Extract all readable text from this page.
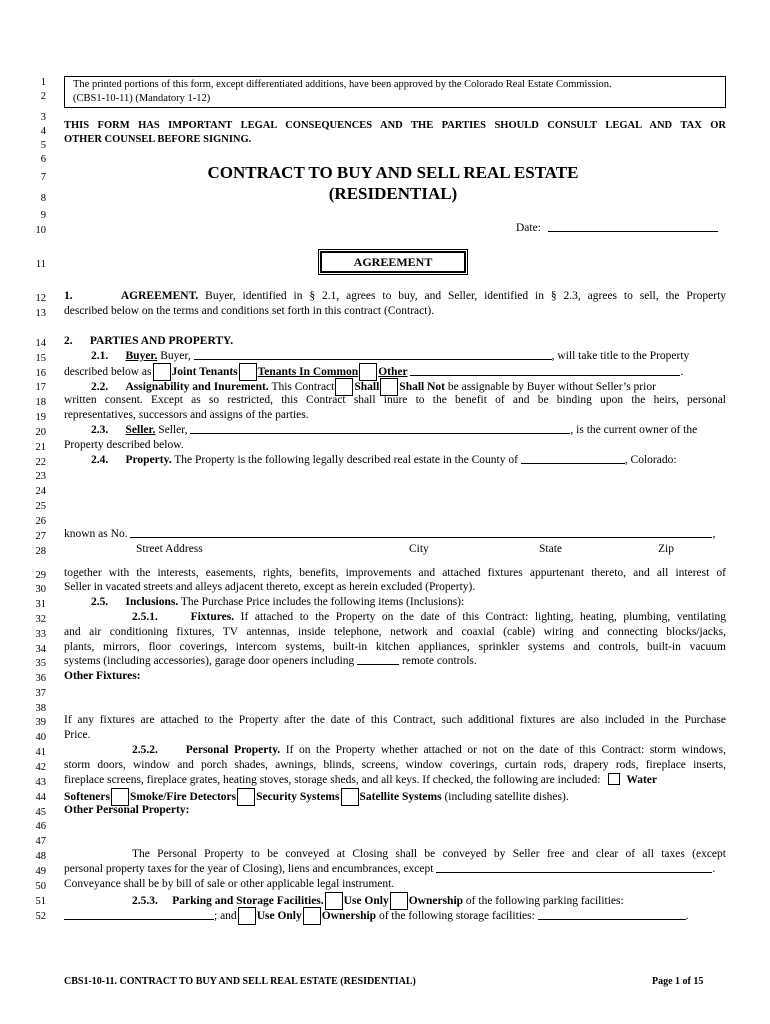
1
2
3
4
5
6
7
8
9
10
11
12
13
14
15
16
17
18
19
20
21
22
23
24
25
26
27
28
29
30
31
32
33
34
35
36
37
38
39
40
41
42
43
44
45
46
47
48
49
50
51
52
The printed portions of this form, except differentiated additions, have been approved by the Colorado Real Estate Commission.
(CBS1-10-11) (Mandatory 1-12)
THIS FORM HAS IMPORTANT LEGAL CONSEQUENCES AND THE PARTIES SHOULD CONSULT LEGAL AND TAX OR
OTHER COUNSEL BEFORE SIGNING.
CONTRACT TO BUY AND SELL REAL ESTATE
(RESIDENTIAL)
Date:
AGREEMENT
1.	AGREEMENT. Buyer, identified in § 2.1, agrees to buy, and Seller, identified in § 2.3, agrees to sell, the Property
described below on the terms and conditions set forth in this contract (Contract).
2.      PARTIES AND PROPERTY.
2.1. Buyer. Buyer,	, will take title to the Property
described below as Joint Tenants Tenants In Common Other	.
2.2. Assignability and Inurement. This Contract Shall Shall Not be assignable by Buyer without Seller’s prior
written consent. Except as so restricted, this Contract shall inure to the benefit of and be binding upon the heirs, personal
representatives, successors and assigns of the parties.
2.3. Seller. Seller,	, is the current owner of the
Property described below.
2.4. Property. The Property is the following legally described real estate in the County of	, Colorado:
known as No.	,
Street Address	City	State	Zip
together with the interests, easements, rights, benefits, improvements and attached fixtures appurtenant thereto, and all interest of
Seller in vacated streets and alleys adjacent thereto, except as herein excluded (Property).
2.5. Inclusions. The Purchase Price includes the following items (Inclusions):
2.5.1.	Fixtures. If attached to the Property on the date of this Contract: lighting, heating, plumbing, ventilating
and air conditioning fixtures, TV antennas, inside telephone, network and coaxial (cable) wiring and connecting blocks/jacks,
plants, mirrors, floor coverings, intercom systems, built-in kitchen appliances, sprinkler systems and controls, built-in vacuum
systems (including accessories), garage door openers including	remote controls.
Other Fixtures:
If any fixtures are attached to the Property after the date of this Contract, such additional fixtures are also included in the Purchase
Price.
2.5.2. Personal Property. If on the Property whether attached or not on the date of this Contract: storm windows,
storm doors, window and porch shades, awnings, blinds, screens, window coverings, curtain rods, drapery rods, fireplace inserts,
fireplace screens, fireplace grates, heating stoves, storage sheds, and all keys. If checked, the following are included: Water
Softeners Smoke/Fire Detectors Security Systems Satellite Systems (including satellite dishes).
Other Personal Property:
The Personal Property to be conveyed at Closing shall be conveyed by Seller free and clear of all taxes (except
personal property taxes for the year of Closing), liens and encumbrances, except	.
Conveyance shall be by bill of sale or other applicable legal instrument.
2.5.3. Parking and Storage Facilities. Use Only Ownership of the following parking facilities:
; and Use Only Ownership of the following storage facilities:	.
CBS1-10-11. CONTRACT TO BUY AND SELL REAL ESTATE (RESIDENTIAL)	Page 1 of 15
